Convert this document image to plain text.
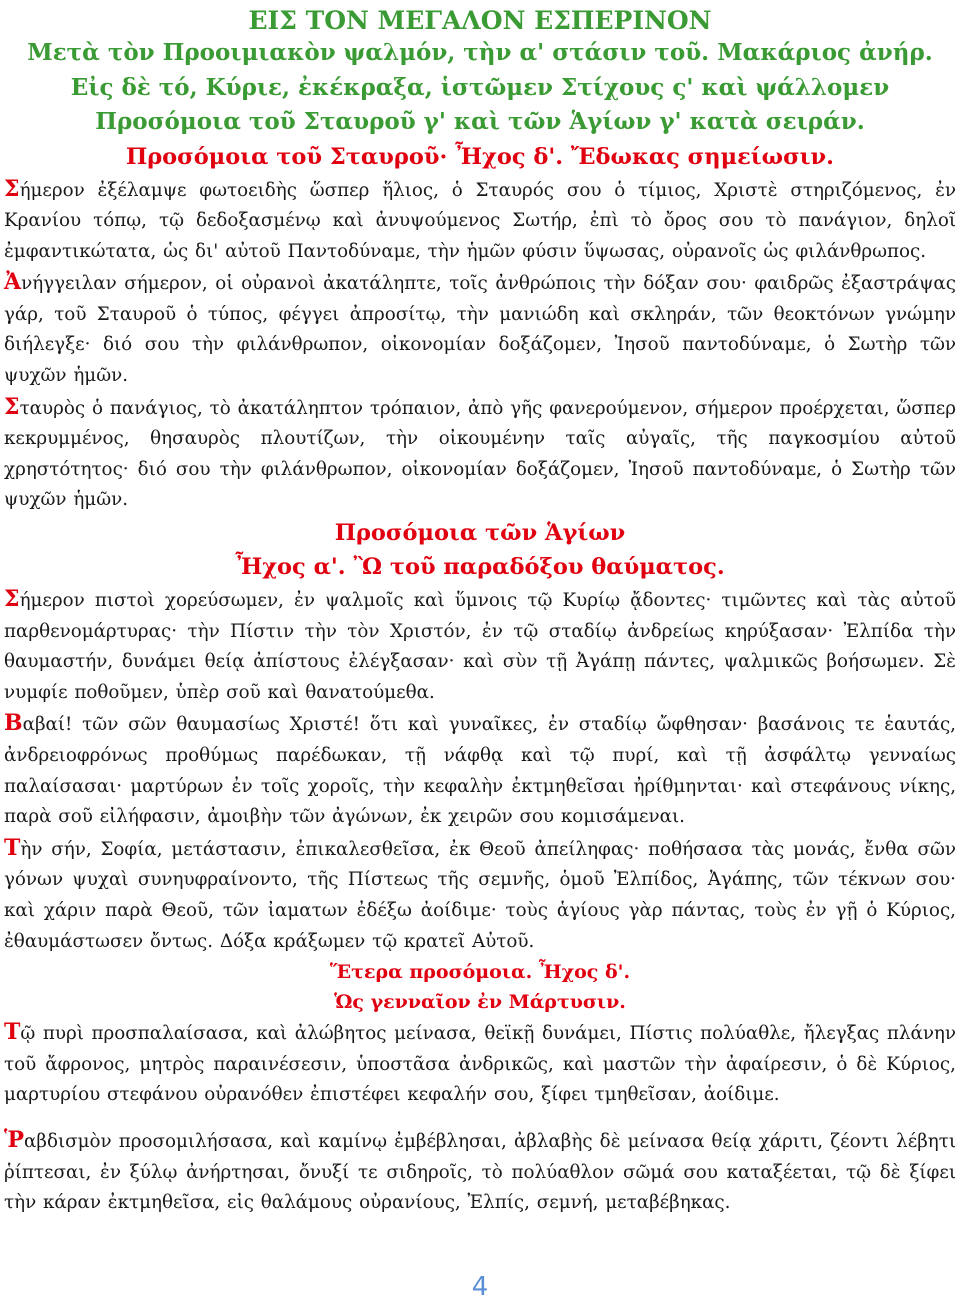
ΕΙΣ ΤΟΝ ΜΕΓΑΛΟΝ ΕΣΠΕΡΙΝΟΝ

Μετὰ τὸν Προοιμιακὸν ψαλμόν, τὴν α' στάσιν τοῦ. Μακάριος ἀνήρ. Εἰς δὲ τό, Κύριε, ἐκέκραξα, ἱστῶμεν Στίχους ς' καὶ ψάλλομεν Προσόμοια τοῦ Σταυροῦ γ' καὶ τῶν Ἁγίων γ' κατὰ σειράν.

Προσόμοια τοῦ Σταυροῦ· Ἦχος δ'. Ἔδωκας σημείωσιν.

Σήμερον ἐξέλαμψε φωτοειδὴς ὥσπερ ἥλιος, ὁ Σταυρός σου ὁ τίμιος, Χριστὲ στηριζόμενος, ἐν Κρανίου τόπῳ, τῷ δεδοξασμένῳ καὶ ἀνυψούμενος Σωτήρ, ἐπὶ τὸ ὄρος σου τὸ πανάγιον, δηλοῖ ἐμφαντικώτατα, ὡς δι' αὐτοῦ Παντοδύναμε, τὴν ἡμῶν φύσιν ὕψωσας, οὐρανοῖς ὡς φιλάνθρωπος.

Ἀνήγγειλαν σήμερον, οἱ οὐρανοὶ ἀκατάληπτε, τοῖς ἀνθρώποις τὴν δόξαν σου· φαιδρῶς ἐξαστράψας γάρ, τοῦ Σταυροῦ ὁ τύπος, φέγγει ἀπροσίτῳ, τὴν μανιώδη καὶ σκληράν, τῶν θεοκτόνων γνώμην διήλεγξε· διό σου τὴν φιλάνθρωπον, οἰκονομίαν δοξάζομεν, Ἰησοῦ παντοδύναμε, ὁ Σωτὴρ τῶν ψυχῶν ἡμῶν.

Σταυρὸς ὁ πανάγιος, τὸ ἀκατάληπτον τρόπαιον, ἀπὸ γῆς φανερούμενον, σήμερον προέρχεται, ὥσπερ κεκρυμμένος, θησαυρὸς πλουτίζων, τὴν οἰκουμένην ταῖς αὐγαῖς, τῆς παγκοσμίου αὐτοῦ χρηστότητος· διό σου τὴν φιλάνθρωπον, οἰκονομίαν δοξάζομεν, Ἰησοῦ παντοδύναμε, ὁ Σωτὴρ τῶν ψυχῶν ἡμῶν.

Προσόμοια τῶν Ἁγίων

Ἦχος α'. Ὢ τοῦ παραδόξου θαύματος.

Σήμερον πιστοὶ χορεύσωμεν, ἐν ψαλμοῖς καὶ ὕμνοις τῷ Κυρίῳ ᾄδοντες· τιμῶντες καὶ τὰς αὐτοῦ παρθενομάρτυρας· τὴν Πίστιν τὴν τὸν Χριστόν, ἐν τῷ σταδίῳ ἀνδρείως κηρύξασαν· Ἐλπίδα τὴν θαυμαστήν, δυνάμει θείᾳ ἀπίστους ἐλέγξασαν· καὶ σὺν τῇ Ἀγάπῃ πάντες, ψαλμικῶς βοήσωμεν. Σὲ νυμφίε ποθοῦμεν, ὑπὲρ σοῦ καὶ θανατούμεθα.

Βαβαί! τῶν σῶν θαυμασίως Χριστέ! ὅτι καὶ γυναῖκες, ἐν σταδίῳ ὤφθησαν· βασάνοις τε ἑαυτάς, ἀνδρειοφρόνως προθύμως παρέδωκαν, τῇ νάφθᾳ καὶ τῷ πυρί, καὶ τῇ ἀσφάλτῳ γενναίως παλαίσασαι· μαρτύρων ἐν τοῖς χοροῖς, τὴν κεφαλὴν ἐκτμηθεῖσαι ἠρίθμηνται· καὶ στεφάνους νίκης, παρὰ σοῦ εἰλήφασιν, ἀμοιβὴν τῶν ἀγώνων, ἐκ χειρῶν σου κομισάμεναι.

Τὴν σήν, Σοφία, μετάστασιν, ἐπικαλεσθεῖσα, ἐκ Θεοῦ ἀπείληφας· ποθήσασα τὰς μονάς, ἔνθα σῶν γόνων ψυχαὶ συνηυφραίνοντο, τῆς Πίστεως τῆς σεμνῆς, ὁμοῦ Ἐλπίδος, Ἀγάπης, τῶν τέκνων σου· καὶ χάριν παρὰ Θεοῦ, τῶν ἰαματων ἐδέξω ἀοίδιμε· τοὺς ἁγίους γὰρ πάντας, τοὺς ἐν γῇ ὁ Κύριος, ἐθαυμάστωσεν ὄντως. Δόξα κράξωμεν τῷ κρατεῖ Αὐτοῦ.

Ἕτερα προσόμοια. Ἦχος δ'.

Ὡς γενναῖον ἐν Μάρτυσιν.

Τῷ πυρὶ προσπαλαίσασα, καὶ ἀλώβητος μείνασα, θεϊκῇ δυνάμει, Πίστις πολύαθλε, ἤλεγξας πλάνην τοῦ ἄφρονος, μητρὸς παραινέσεσιν, ὑποστᾶσα ἀνδρικῶς, καὶ μαστῶν τὴν ἀφαίρεσιν, ὁ δὲ Κύριος, μαρτυρίου στεφάνου οὐρανόθεν ἐπιστέφει κεφαλήν σου, ξίφει τμηθεῖσαν, ἀοίδιμε.

Ῥαβδισμὸν προσομιλήσασα, καὶ καμίνῳ ἐμβέβλησαι, ἀβλαβὴς δὲ μείνασα θείᾳ χάριτι, ζέοντι λέβητι ῥίπτεσαι, ἐν ξύλῳ ἀνήρτησαι, ὄνυξί τε σιδηροῖς, τὸ πολύαθλον σῶμά σου καταξέεται, τῷ δὲ ξίφει τὴν κάραν ἐκτμηθεῖσα, εἰς θαλάμους οὐρανίους, Ἐλπίς, σεμνή, μεταβέβηκας.

4
